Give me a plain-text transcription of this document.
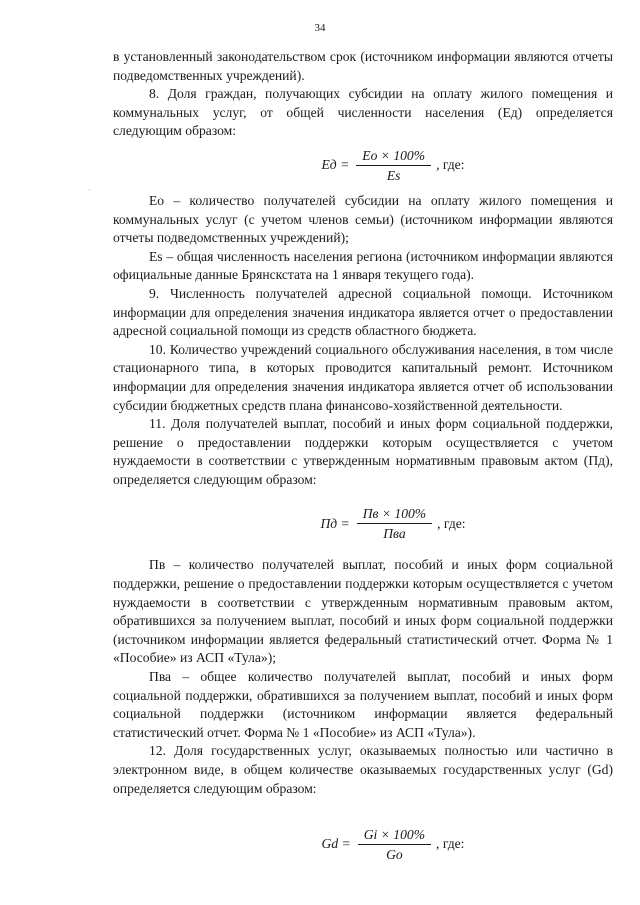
34
·

в установленный законодательством срок (источником информации являются отчеты подведомственных учреждений).

8. Доля граждан, получающих субсидии на оплату жилого помещения и коммунальных услуг, от общей численности населения (Ед) определяется следующим образом:

Ед = $\frac{Ео \times 100\%}{Es}$ , где:

Ео – количество получателей субсидии на оплату жилого помещения и коммунальных услуг (с учетом членов семьи) (источником информации являются отчеты подведомственных учреждений);

Es – общая численность населения региона (источником информации являются официальные данные Брянскстата на 1 января текущего года).

9. Численность получателей адресной социальной помощи. Источником информации для определения значения индикатора является отчет о предоставлении адресной социальной помощи из средств областного бюджета.

10. Количество учреждений социального обслуживания населения, в том числе стационарного типа, в которых проводится капитальный ремонт. Источником информации для определения значения индикатора является отчет об использовании субсидии бюджетных средств плана финансово-хозяйственной деятельности.

11. Доля получателей выплат, пособий и иных форм социальной поддержки, решение о предоставлении поддержки которым осуществляется с учетом нуждаемости в соответствии с утвержденным нормативным правовым актом (Пд), определяется следующим образом:

Пд = $\frac{Пв \times 100\%}{\text{Пва}}$ , где:

Пв – количество получателей выплат, пособий и иных форм социальной поддержки, решение о предоставлении поддержки которым осуществляется с учетом нуждаемости в соответствии с утвержденным нормативным правовым актом, обратившихся за получением выплат, пособий и иных форм социальной поддержки (источником информации является федеральный статистический отчет. Форма № 1 «Пособие» из АСП «Тула»);

Пва – общее количество получателей выплат, пособий и иных форм социальной поддержки, обратившихся за получением выплат, пособий и иных форм социальной поддержки (источником информации является федеральный статистический отчет. Форма № 1 «Пособие» из АСП «Тула»).

12. Доля государственных услуг, оказываемых полностью или частично в электронном виде, в общем количестве оказываемых государственных услуг (Gd) определяется следующим образом:

$Gd = \frac{Gi \times 100\%}{Go}$ , где:
